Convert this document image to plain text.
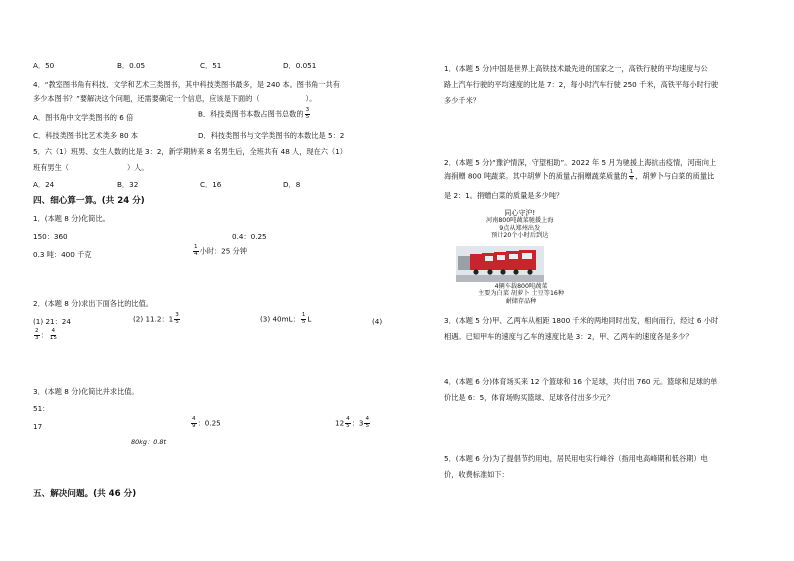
A．50	B．0.05	C．51	D．0.051
4．“教室图书角有科技、文学和艺术三类图书，其中科技类图书最多，是 240 本。图书角一共有
多少本图书？”要解决这个问题，还需要确定一个信息，应该是下面的（	）。
A．图书角中文学类图书的 6 倍	B．科技类图书本数占图书总数的 $\frac{3}{5}$
C．科技类图书比艺术类多 80 本	D．科技类图书与文学类图书的本数比是 5：2
5．六（1）班男、女生人数的比是 3：2，新学期转来 8 名男生后，全班共有 48 人，现在六（1）
班有男生（	）人。
A．24	B．32	C．16	D．8
四、细心算一算。(共 24 分)
1．(本题 8 分)化简比。
150：360	0.4：0.25
0.3 吨：400 千克	$\frac{1}{4}$ 小时：25 分钟
2．(本题 8 分)求出下面各比的比值。
(1) 21：24	(2) 11.2：$1 \frac{3}{5}$	(3) 40mL： $\frac{1}{5}$ L	(4)
$\frac{2}{3}$ ： $\frac{4}{15}$
3．(本题 8 分)化简比并求比值。
51：
17	$\frac{4}{9}$ ：0.25	$12 \frac{4}{5}$ ：$3 \frac{4}{5}$
80kg：0.8t
五、解决问题。(共 46 分)
1．(本题 5 分)中国是世界上高铁技术最先进的国家之一，高铁行驶的平均速度与公
路上汽车行驶的平均速度的比是 7：2，每小时汽车行驶 250 千米，高铁平每小时行驶
多少千米？
2．(本题 5 分)“豫沪情深，守望相助”。2022 年 5 月为驰援上海抗击疫情，河南向上
海捐赠 800 吨蔬菜。其中胡萝卜的质量占捐赠蔬菜质量的 $\frac{1}{4}$ ，胡萝卜与白菜的质量比
是 2：1。捐赠白菜的质量是多少吨？
同心守沪!
河南800吨蔬菜驰援上海
9点从郑州出发
预计20个小时后到达
4辆车载800吨蔬菜
主要为白菜 胡萝卜 土豆等16种
耐储存品种
3．(本题 5 分)甲、乙两车从相距 1800 千米的两地同时出发，相向而行，经过 6 小时
相遇。已知甲车的速度与乙车的速度比是 3：2，甲、乙两车的速度各是多少？
4．(本题 6 分)体育场买来 12 个篮球和 16 个足球，共付出 760 元。篮球和足球的单
价比是 6：5，体育场购买篮球、足球各付出多少元？
5．(本题 6 分)为了提倡节约用电，居民用电实行峰谷（指用电高峰期和低谷期）电
价，收费标准如下：
